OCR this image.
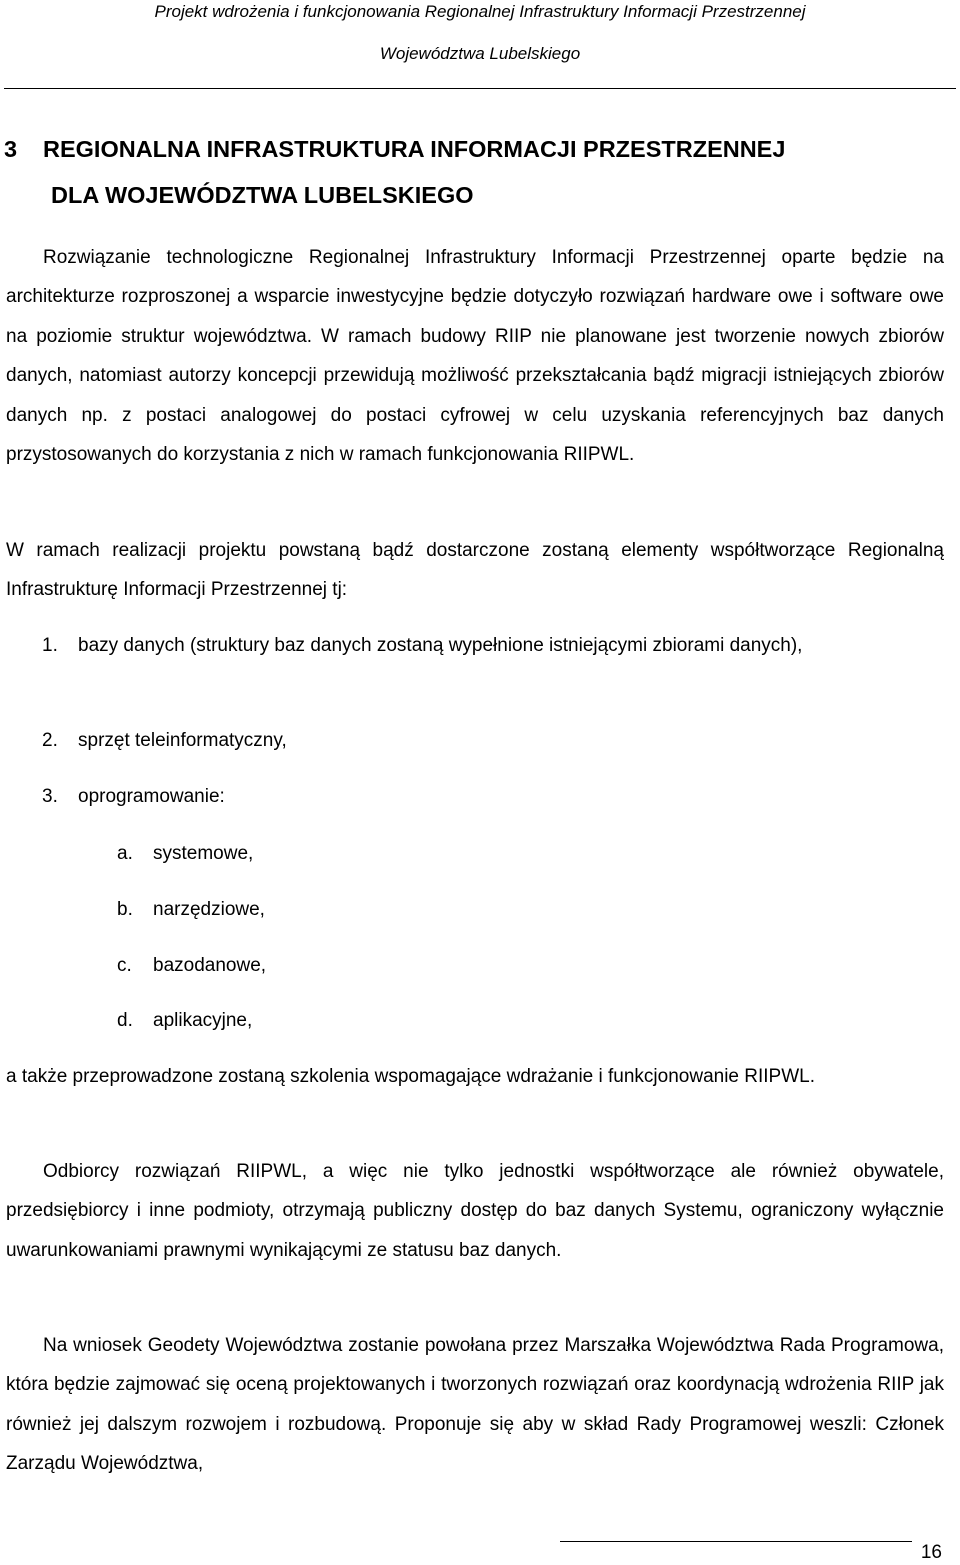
Projekt wdrożenia i funkcjonowania Regionalnej Infrastruktury Informacji Przestrzennej
Województwa Lubelskiego
3 REGIONALNA INFRASTRUKTURA INFORMACJI PRZESTRZENNEJ
DLA WOJEWÓDZTWA LUBELSKIEGO

Rozwiązanie technologiczne Regionalnej Infrastruktury Informacji Przestrzennej oparte będzie na architekturze rozproszonej a wsparcie inwestycyjne będzie dotyczyło rozwiązań hardware owe i software owe na poziomie struktur województwa. W ramach budowy RIIP nie planowane jest tworzenie nowych zbiorów danych, natomiast autorzy koncepcji przewidują możliwość przekształcania bądź migracji istniejących zbiorów danych np. z postaci analogowej do postaci cyfrowej w celu uzyskania referencyjnych baz danych przystosowanych do korzystania z nich w ramach funkcjonowania RIIPWL.

W ramach realizacji projektu powstaną bądź dostarczone zostaną elementy współtworzące Regionalną Infrastrukturę Informacji Przestrzennej tj:

1. bazy danych (struktury baz danych zostaną wypełnione istniejącymi zbiorami danych),
2. sprzęt teleinformatyczny,
3. oprogramowanie:
a. systemowe,
b. narzędziowe,
c. bazodanowe,
d. aplikacyjne,

a także przeprowadzone zostaną szkolenia wspomagające wdrażanie i funkcjonowanie RIIPWL.

Odbiorcy rozwiązań RIIPWL, a więc nie tylko jednostki współtworzące ale również obywatele, przedsiębiorcy i inne podmioty, otrzymają publiczny dostęp do baz danych Systemu, ograniczony wyłącznie uwarunkowaniami prawnymi wynikającymi ze statusu baz danych.

Na wniosek Geodety Województwa zostanie powołana przez Marszałka Województwa Rada Programowa, która będzie zajmować się oceną projektowanych i tworzonych rozwiązań oraz koordynacją wdrożenia RIIP jak również jej dalszym rozwojem i rozbudową. Proponuje się aby w skład Rady Programowej weszli: Członek Zarządu Województwa,

16
